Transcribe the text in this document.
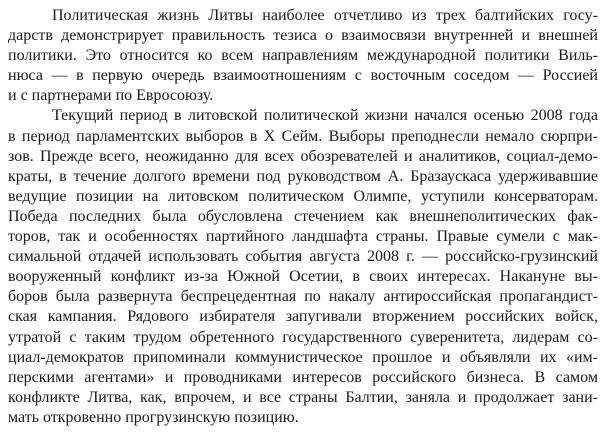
Политическая жизнь Литвы наиболее отчетливо из трех балтийских госу-
дарств демонстрирует правильность тезиса о взаимосвязи внутренней и внешней
политики. Это относится ко всем направлениям международной политики Виль-
нюса — в первую очередь взаимоотношениям с восточным соседом — Россией
и с партнерами по Евросоюзу.
Текущий период в литовской политической жизни начался осенью 2008 года
в период парламентских выборов в Х Сейм. Выборы преподнесли немало сюрпри-
зов. Прежде всего, неожиданно для всех обозревателей и аналитиков, социал-демо-
краты, в течение долгого времени под руководством А. Бразаускаса удерживавшие
ведущие позиции на литовском политическом Олимпе, уступили консерваторам.
Победа последних была обусловлена стечением как внешнеполитических фак-
торов, так и особенностях партийного ландшафта страны. Правые сумели с мак-
симальной отдачей использовать события августа 2008 г. — российско-грузинский
вооруженный конфликт из-за Южной Осетии, в своих интересах. Накануне вы-
боров была развернута беспрецедентная по накалу антироссийская пропагандист-
ская кампания. Рядового избирателя запугивали вторжением российских войск,
утратой с таким трудом обретенного государственного суверенитета, лидерам со-
циал-демократов припоминали коммунистическое прошлое и объявляли их «им-
перскими агентами» и проводниками интересов российского бизнеса. В самом
конфликте Литва, как, впрочем, и все страны Балтии, заняла и продолжает зани-
мать откровенно прогрузинскую позицию.
